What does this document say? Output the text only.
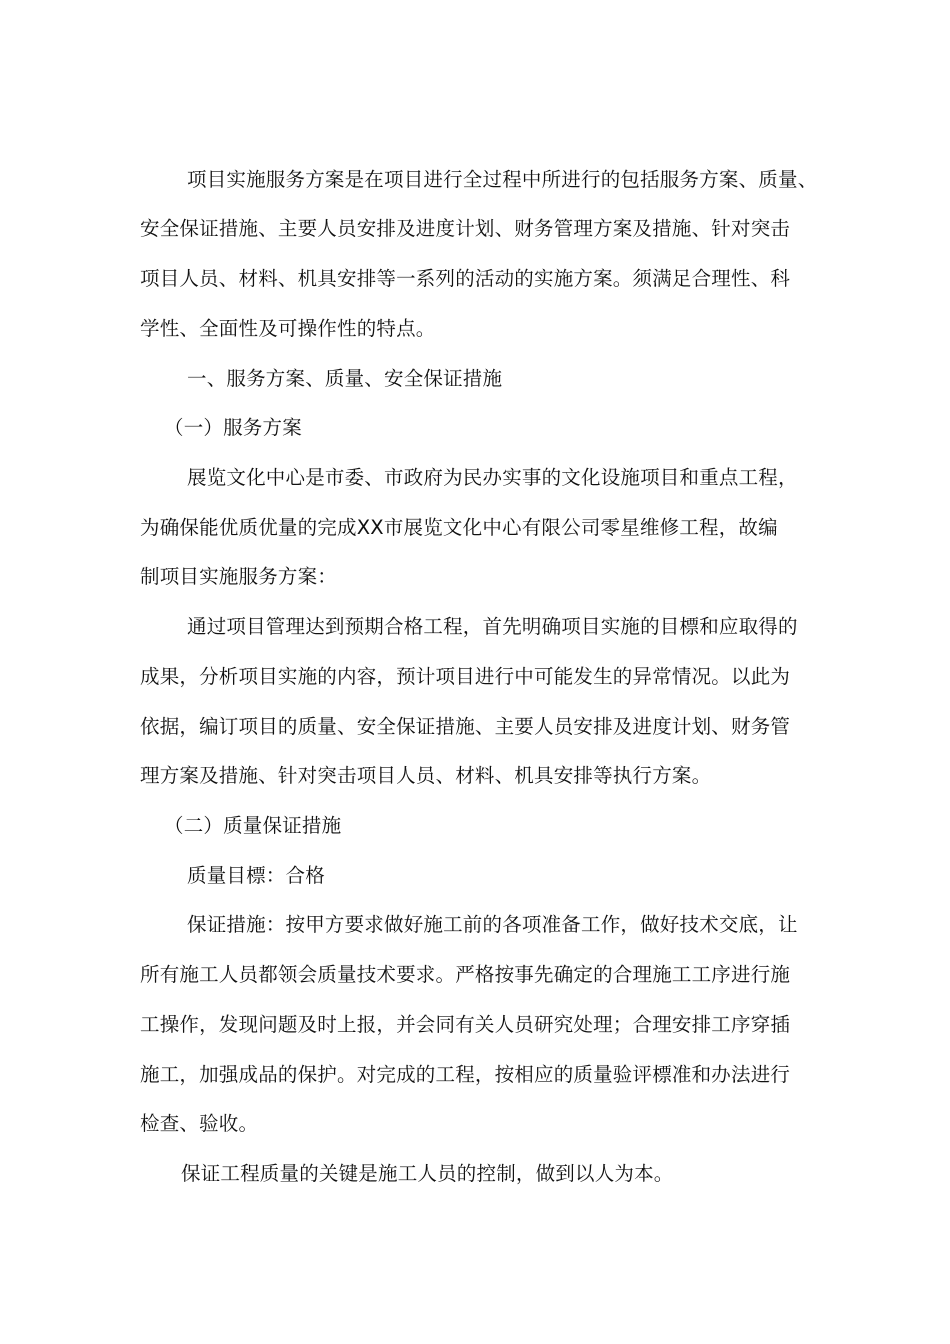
项目实施服务方案是在项目进行全过程中所进行的包括服务方案、质量、
安全保证措施、主要人员安排及进度计划、财务管理方案及措施、针对突击
项目人员、材料、机具安排等一系列的活动的实施方案。须满足合理性、科
学性、全面性及可操作性的特点。
一、服务方案、质量、安全保证措施
（一）服务方案
展览文化中心是市委、市政府为民办实事的文化设施项目和重点工程，
为确保能优质优量的完成XX市展览文化中心有限公司零星维修工程，故编
制项目实施服务方案：
通过项目管理达到预期合格工程，首先明确项目实施的目標和应取得的
成果，分析项目实施的内容，预计项目进行中可能发生的异常情况。以此为
依据，编订项目的质量、安全保证措施、主要人员安排及进度计划、财务管
理方案及措施、针对突击项目人员、材料、机具安排等执行方案。
（二）质量保证措施
质量目標：合格
保证措施：按甲方要求做好施工前的各项准备工作，做好技术交底，让
所有施工人员都领会质量技术要求。严格按事先确定的合理施工工序进行施
工操作，发现问题及时上报，并会同有关人员研究处理；合理安排工序穿插
施工，加强成品的保护。对完成的工程，按相应的质量验评標准和办法进行
检查、验收。
保证工程质量的关键是施工人员的控制，做到以人为本。
